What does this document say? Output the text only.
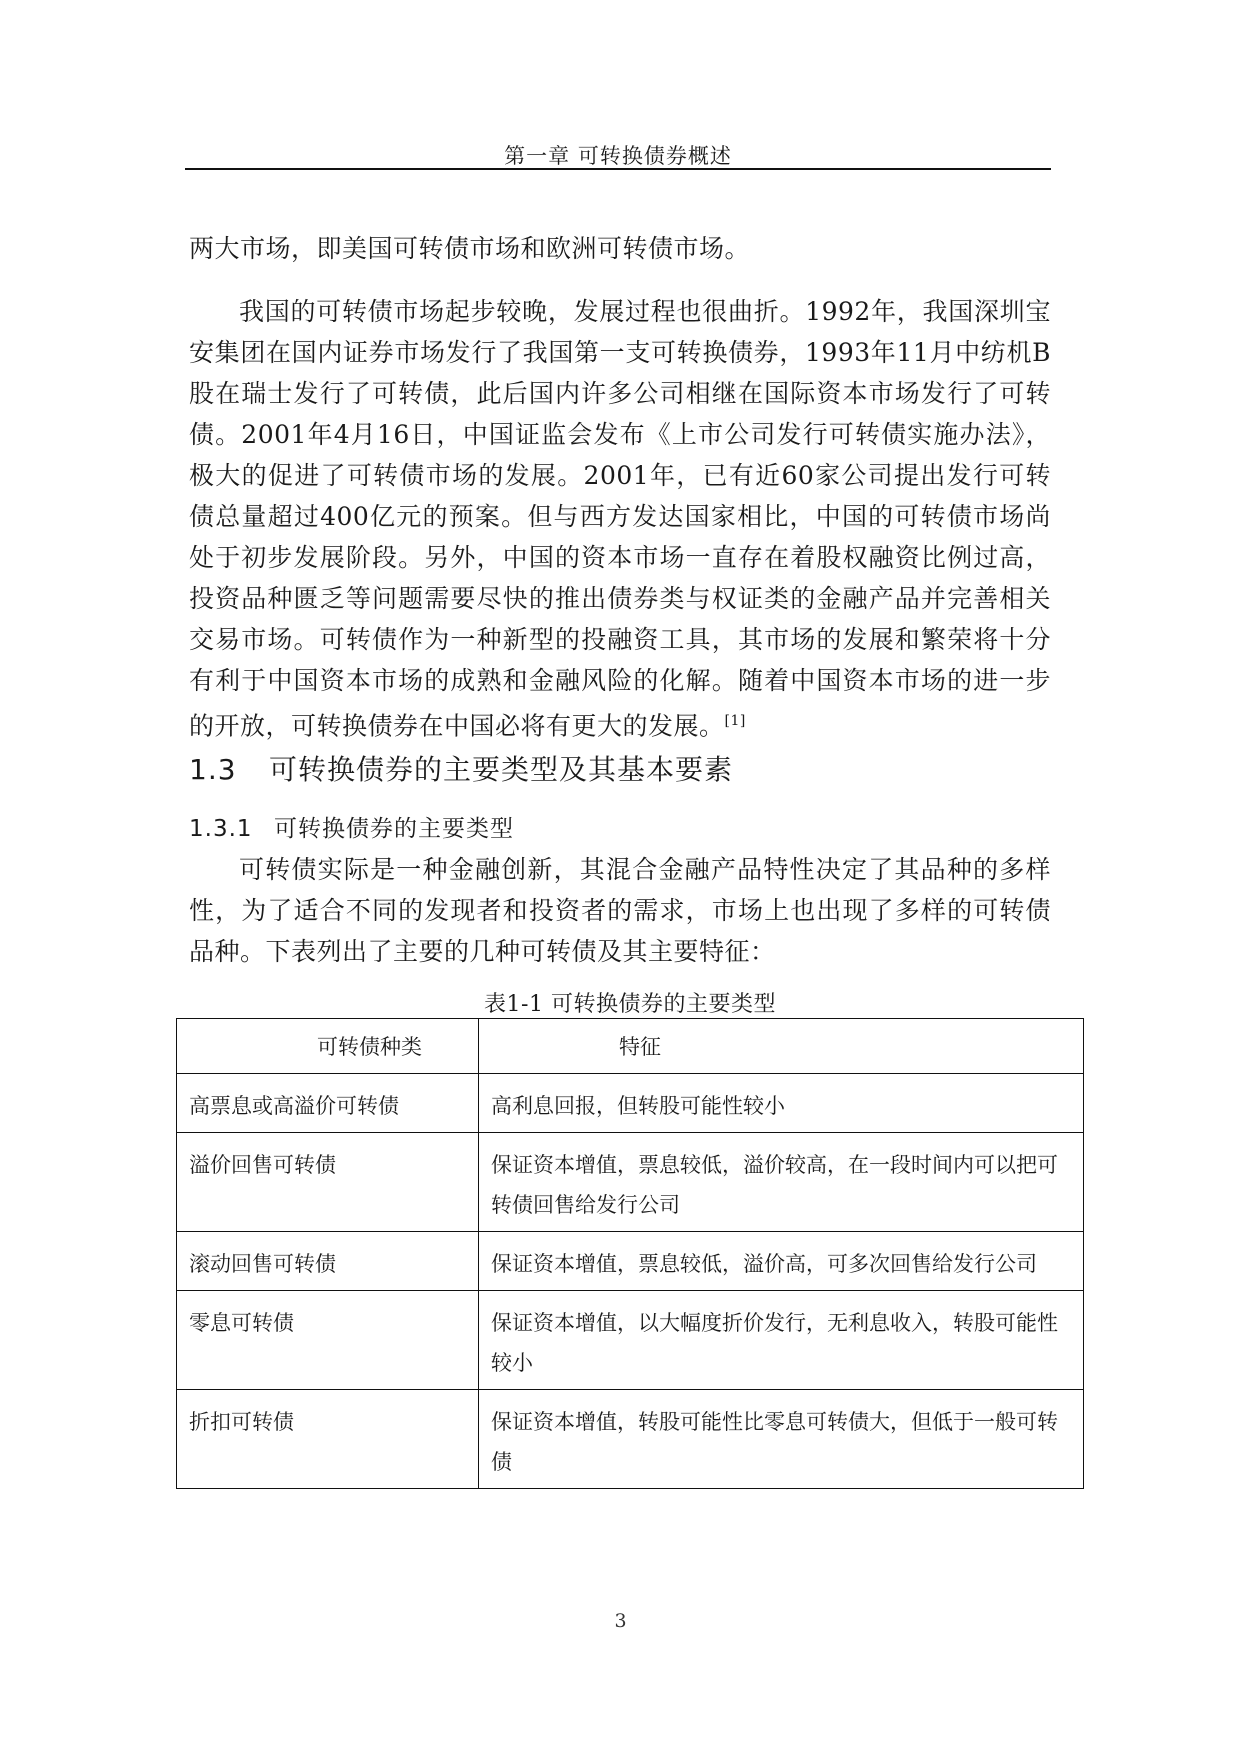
第一章 可转换债券概述

两大市场，即美国可转债市场和欧洲可转债市场。

我国的可转债市场起步较晚，发展过程也很曲折。1992年，我国深圳宝安集团在国内证券市场发行了我国第一支可转换债券，1993年11月中纺机B股在瑞士发行了可转债，此后国内许多公司相继在国际资本市场发行了可转债。2001年4月16日，中国证监会发布《上市公司发行可转债实施办法》，极大的促进了可转债市场的发展。2001年，已有近60家公司提出发行可转债总量超过400亿元的预案。但与西方发达国家相比，中国的可转债市场尚处于初步发展阶段。另外，中国的资本市场一直存在着股权融资比例过高，投资品种匮乏等问题需要尽快的推出债券类与权证类的金融产品并完善相关交易市场。可转债作为一种新型的投融资工具，其市场的发展和繁荣将十分有利于中国资本市场的成熟和金融风险的化解。随着中国资本市场的进一步的开放，可转换债券在中国必将有更大的发展。[1]

1.3 可转换债券的主要类型及其基本要素
1.3.1 可转换债券的主要类型

可转债实际是一种金融创新，其混合金融产品特性决定了其品种的多样性，为了适合不同的发现者和投资者的需求，市场上也出现了多样的可转债品种。下表列出了主要的几种可转债及其主要特征：

表1-1 可转换债券的主要类型
可转债种类	特征
高票息或高溢价可转债	高利息回报，但转股可能性较小
溢价回售可转债	保证资本增值，票息较低，溢价较高，在一段时间内可以把可转债回售给发行公司
滚动回售可转债	保证资本增值，票息较低，溢价高，可多次回售给发行公司
零息可转债	保证资本增值，以大幅度折价发行，无利息收入，转股可能性较小
折扣可转债	保证资本增值，转股可能性比零息可转债大，但低于一般可转债
3
